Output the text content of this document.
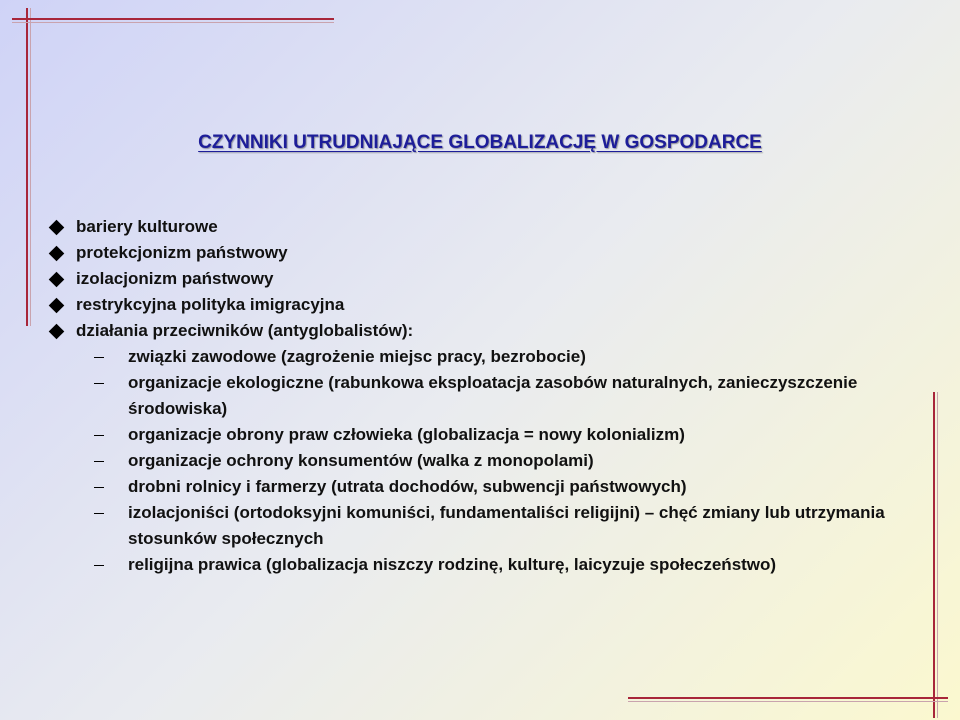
CZYNNIKI UTRUDNIAJĄCE GLOBALIZACJĘ W GOSPODARCE
bariery kulturowe
protekcjonizm państwowy
izolacjonizm państwowy
restrykcyjna polityka imigracyjna
działania przeciwników (antyglobalistów):
związki zawodowe (zagrożenie miejsc pracy, bezrobocie)
organizacje ekologiczne (rabunkowa eksploatacja zasobów naturalnych, zanieczyszczenie środowiska)
organizacje obrony praw człowieka (globalizacja = nowy kolonializm)
organizacje ochrony konsumentów (walka z monopolami)
drobni rolnicy i farmerzy (utrata dochodów, subwencji państwowych)
izolacjoniści (ortodoksyjni komuniści, fundamentaliści religijni) – chęć zmiany lub utrzymania stosunków społecznych
religijna prawica (globalizacja niszczy rodzinę, kulturę, laicyzuje społeczeństwo)
